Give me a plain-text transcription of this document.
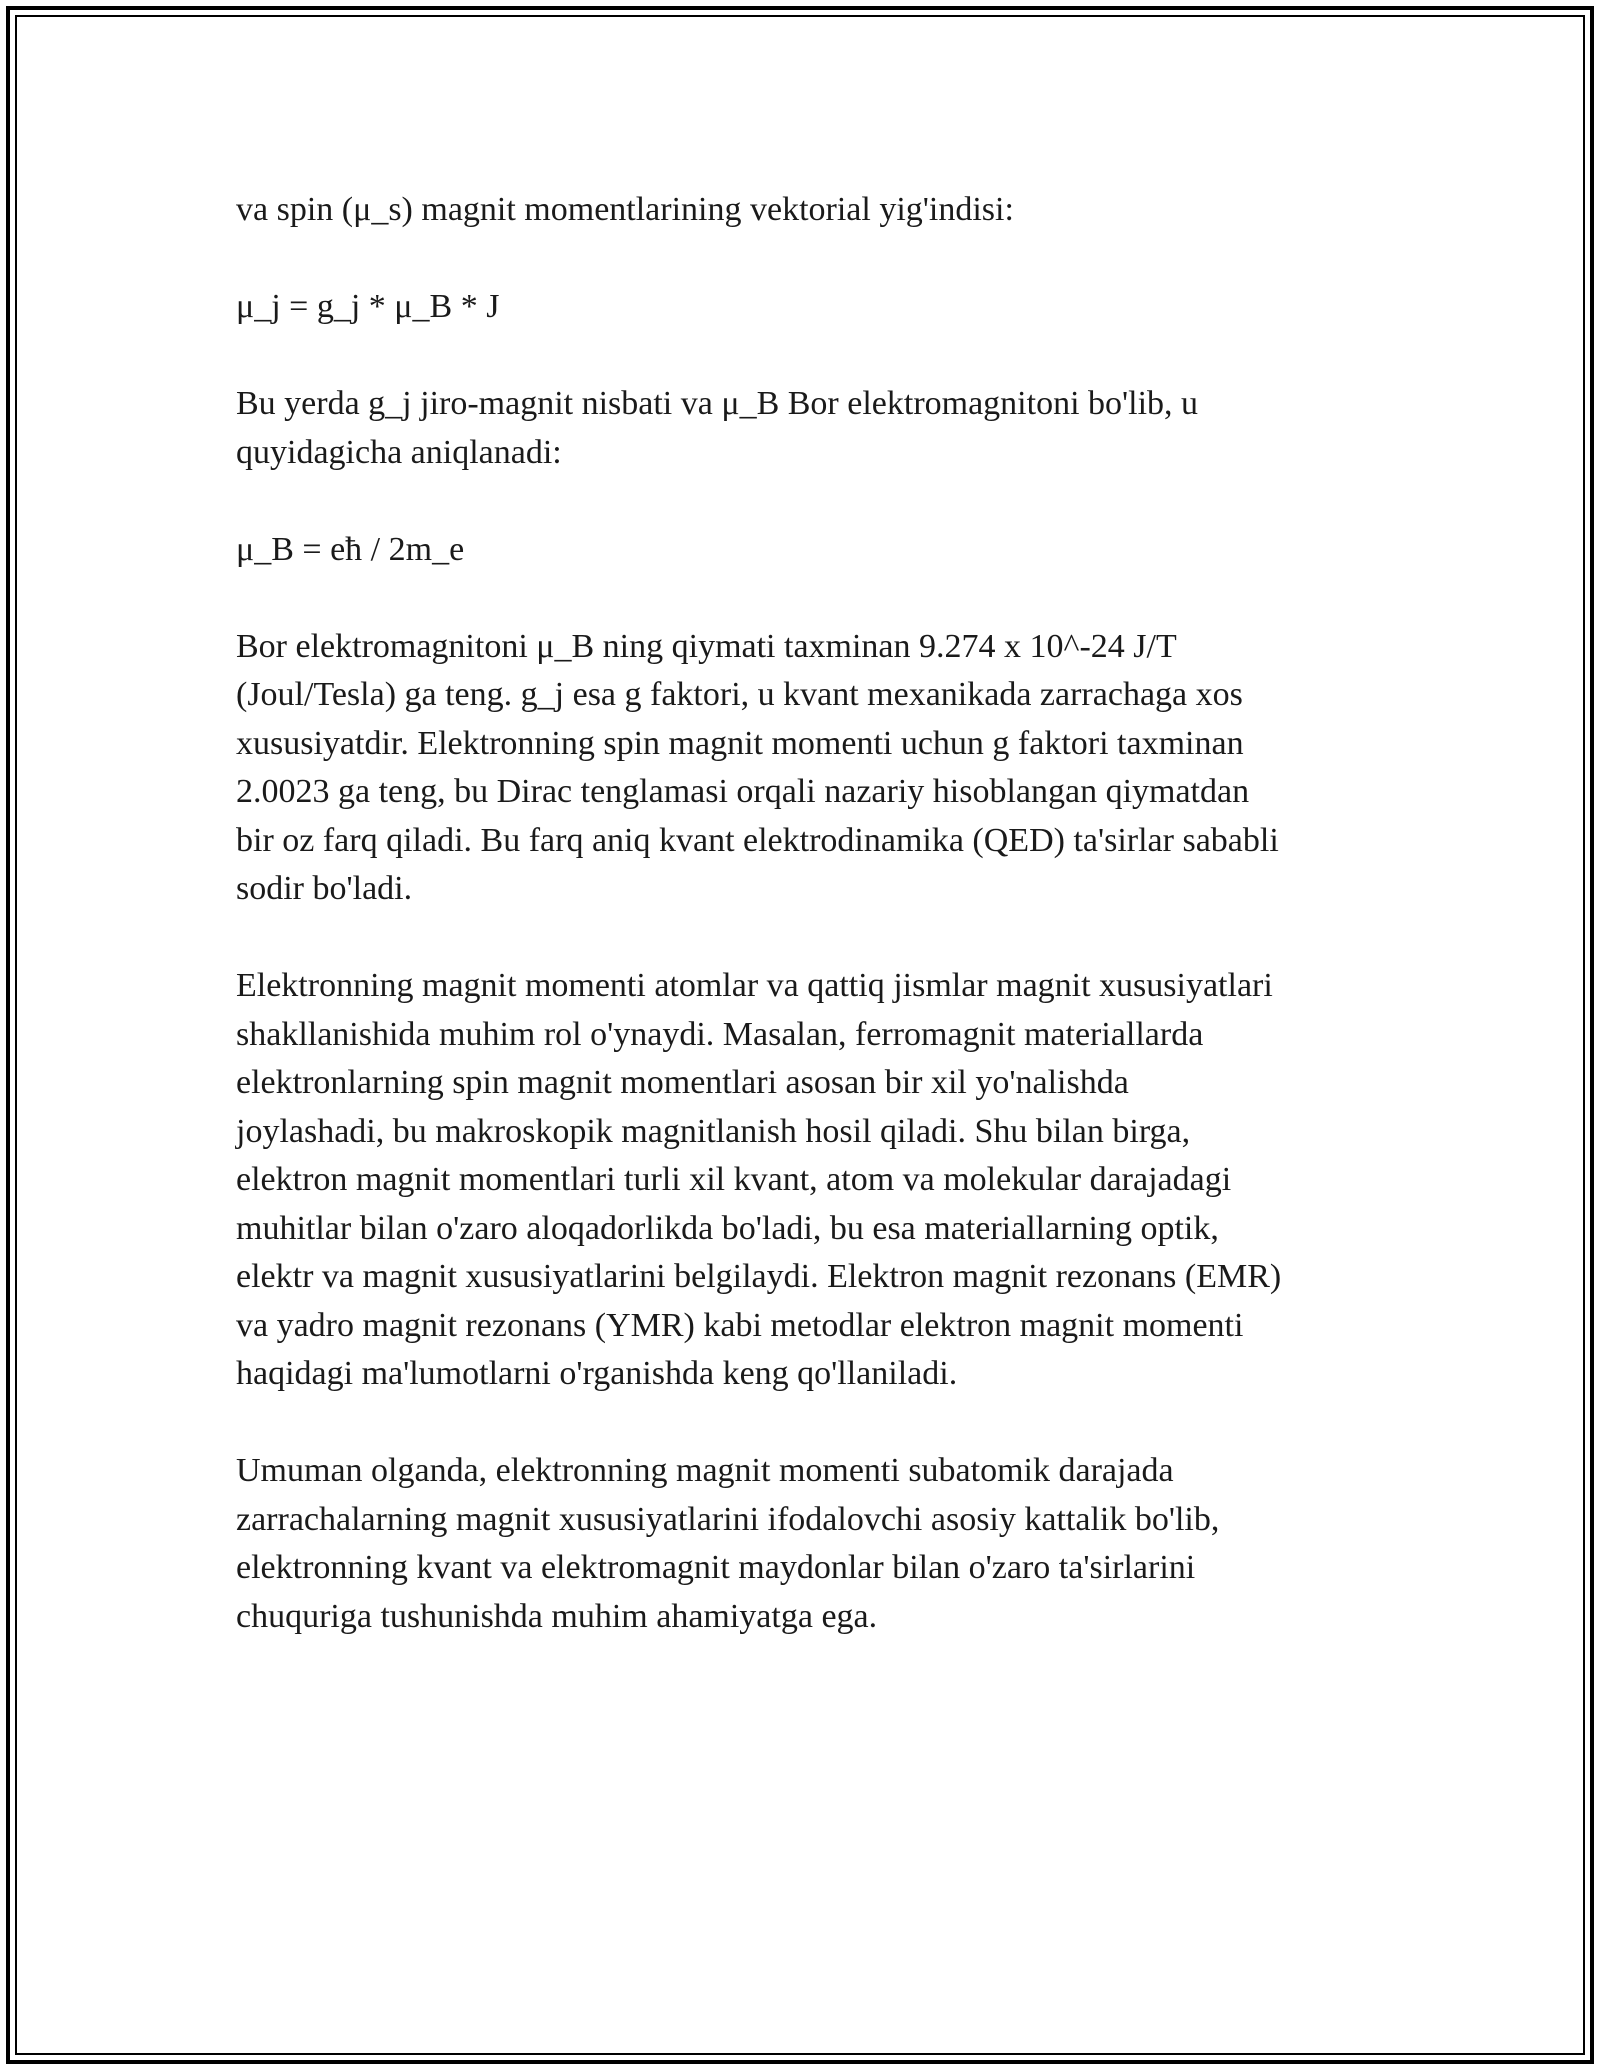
va spin (μ_s) magnit momentlarining vektorial yig'indisi:

μ_j = g_j * μ_B * J

Bu yerda g_j jiro-magnit nisbati va μ_B Bor elektromagnitoni bo'lib, u
quyidagicha aniqlanadi:

μ_B = eħ / 2m_e

Bor elektromagnitoni μ_B ning qiymati taxminan 9.274 x 10^-24 J/T
(Joul/Tesla) ga teng. g_j esa g faktori, u kvant mexanikada zarrachaga xos
xususiyatdir. Elektronning spin magnit momenti uchun g faktori taxminan
2.0023 ga teng, bu Dirac tenglamasi orqali nazariy hisoblangan qiymatdan
bir oz farq qiladi. Bu farq aniq kvant elektrodinamika (QED) ta'sirlar sababli
sodir bo'ladi.

Elektronning magnit momenti atomlar va qattiq jismlar magnit xususiyatlari
shakllanishida muhim rol o'ynaydi. Masalan, ferromagnit materiallarda
elektronlarning spin magnit momentlari asosan bir xil yo'nalishda
joylashadi, bu makroskopik magnitlanish hosil qiladi. Shu bilan birga,
elektron magnit momentlari turli xil kvant, atom va molekular darajadagi
muhitlar bilan o'zaro aloqadorlikda bo'ladi, bu esa materiallarning optik,
elektr va magnit xususiyatlarini belgilaydi. Elektron magnit rezonans (EMR)
va yadro magnit rezonans (YMR) kabi metodlar elektron magnit momenti
haqidagi ma'lumotlarni o'rganishda keng qo'llaniladi.

Umuman olganda, elektronning magnit momenti subatomik darajada
zarrachalarning magnit xususiyatlarini ifodalovchi asosiy kattalik bo'lib,
elektronning kvant va elektromagnit maydonlar bilan o'zaro ta'sirlarini
chuquriga tushunishda muhim ahamiyatga ega.
